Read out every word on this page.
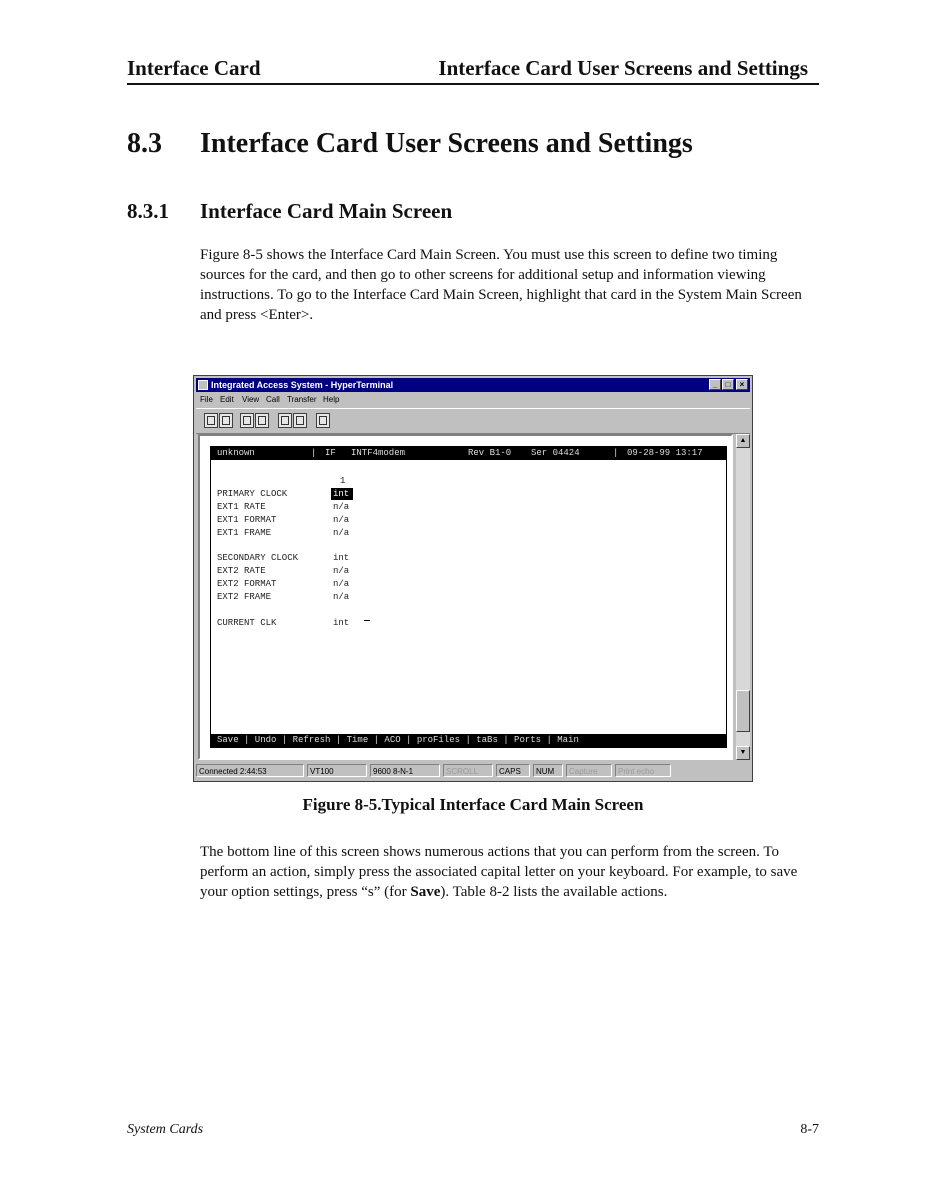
Interface Card	Interface Card User Screens and Settings
8.3 Interface Card User Screens and Settings
8.3.1 Interface Card Main Screen
Figure 8-5 shows the Interface Card Main Screen. You must use this screen to define two timing sources for the card, and then go to other screens for additional setup and information viewing instructions. To go to the Interface Card Main Screen, highlight that card in the System Main Screen and press <Enter>.
Integrated Access System - HyperTerminal	_	□	×
File Edit View Call Transfer Help

unknown

	|

IF

INTF4modem

	Rev B1-0

Ser 04424

	|

09-28-99 13:17

1
PRIMARY CLOCK	int
EXT1 RATE	n/a
EXT1 FORMAT	n/a
EXT1 FRAME	n/a
SECONDARY CLOCK	int
EXT2 RATE	n/a
EXT2 FORMAT	n/a
EXT2 FRAME	n/a
CURRENT CLK	int

Save | Undo | Refresh | Time | ACO | proFiles | taBs | Ports | Main

▲
▼
Connected 2:44:53	VT100	9600 8-N-1	SCROLL	CAPS	NUM	Capture	Print echo
Figure 8-5.Typical Interface Card Main Screen
The bottom line of this screen shows numerous actions that you can perform from the screen. To perform an action, simply press the associated capital letter on your keyboard. For example, to save your option settings, press “s” (for Save). Table 8-2 lists the available actions.
System Cards	8-7
